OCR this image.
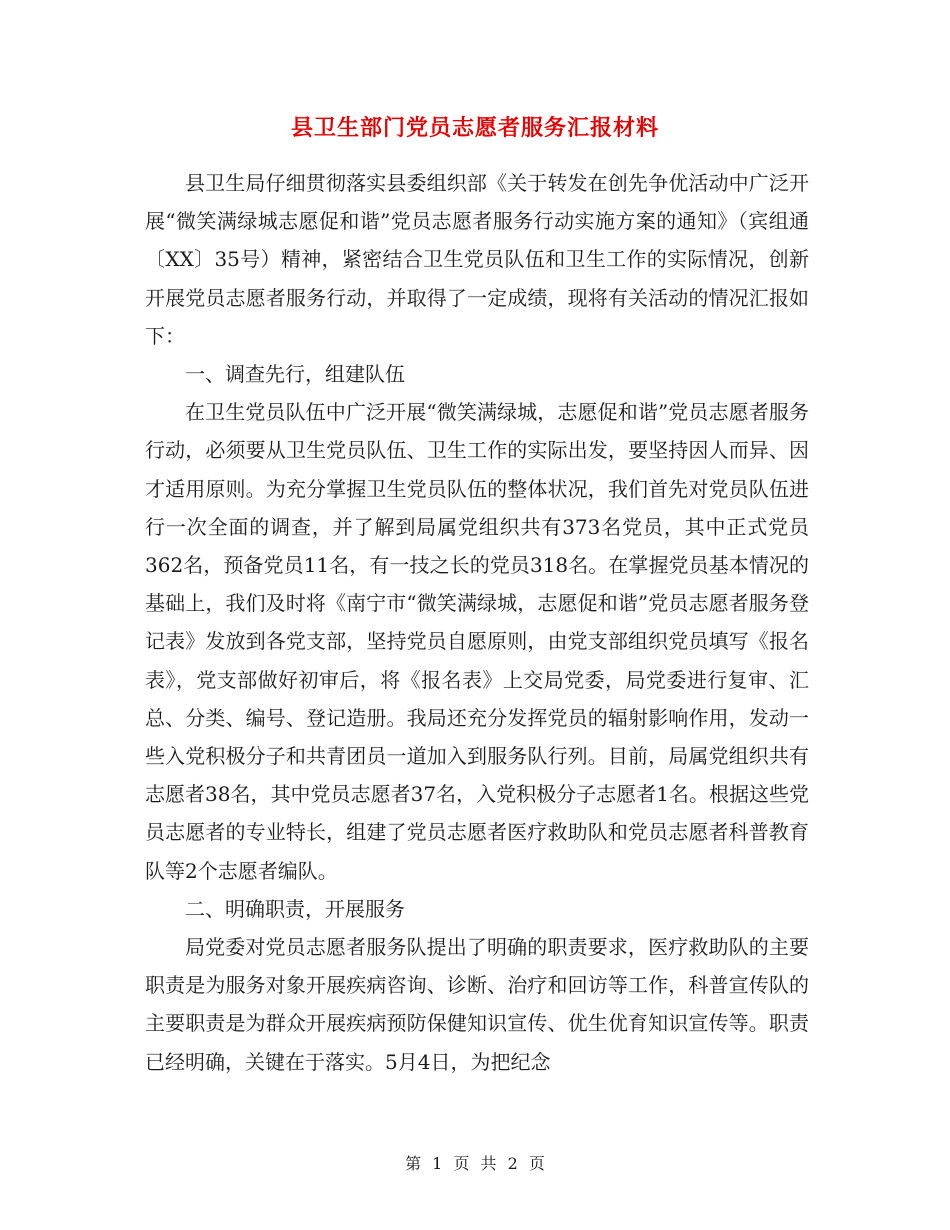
县卫生部门党员志愿者服务汇报材料

县卫生局仔细贯彻落实县委组织部《关于转发在创先争优活动中广泛开展“微笑满绿城志愿促和谐”党员志愿者服务行动实施方案的通知》（宾组通〔XX〕35号）精神，紧密结合卫生党员队伍和卫生工作的实际情况，创新开展党员志愿者服务行动，并取得了一定成绩，现将有关活动的情况汇报如下：

一、调查先行，组建队伍

在卫生党员队伍中广泛开展“微笑满绿城，志愿促和谐”党员志愿者服务行动，必须要从卫生党员队伍、卫生工作的实际出发，要坚持因人而异、因才适用原则。为充分掌握卫生党员队伍的整体状况，我们首先对党员队伍进行一次全面的调查，并了解到局属党组织共有373名党员，其中正式党员362名，预备党员11名，有一技之长的党员318名。在掌握党员基本情况的基础上，我们及时将《南宁市“微笑满绿城，志愿促和谐”党员志愿者服务登记表》发放到各党支部，坚持党员自愿原则，由党支部组织党员填写《报名表》，党支部做好初审后，将《报名表》上交局党委，局党委进行复审、汇总、分类、编号、登记造册。我局还充分发挥党员的辐射影响作用，发动一些入党积极分子和共青团员一道加入到服务队行列。目前，局属党组织共有志愿者38名，其中党员志愿者37名，入党积极分子志愿者1名。根据这些党员志愿者的专业特长，组建了党员志愿者医疗救助队和党员志愿者科普教育队等2个志愿者编队。

二、明确职责，开展服务

局党委对党员志愿者服务队提出了明确的职责要求，医疗救助队的主要职责是为服务对象开展疾病咨询、诊断、治疗和回访等工作，科普宣传队的主要职责是为群众开展疾病预防保健知识宣传、优生优育知识宣传等。职责已经明确，关键在于落实。5月4日，为把纪念

第 1 页 共 2 页
